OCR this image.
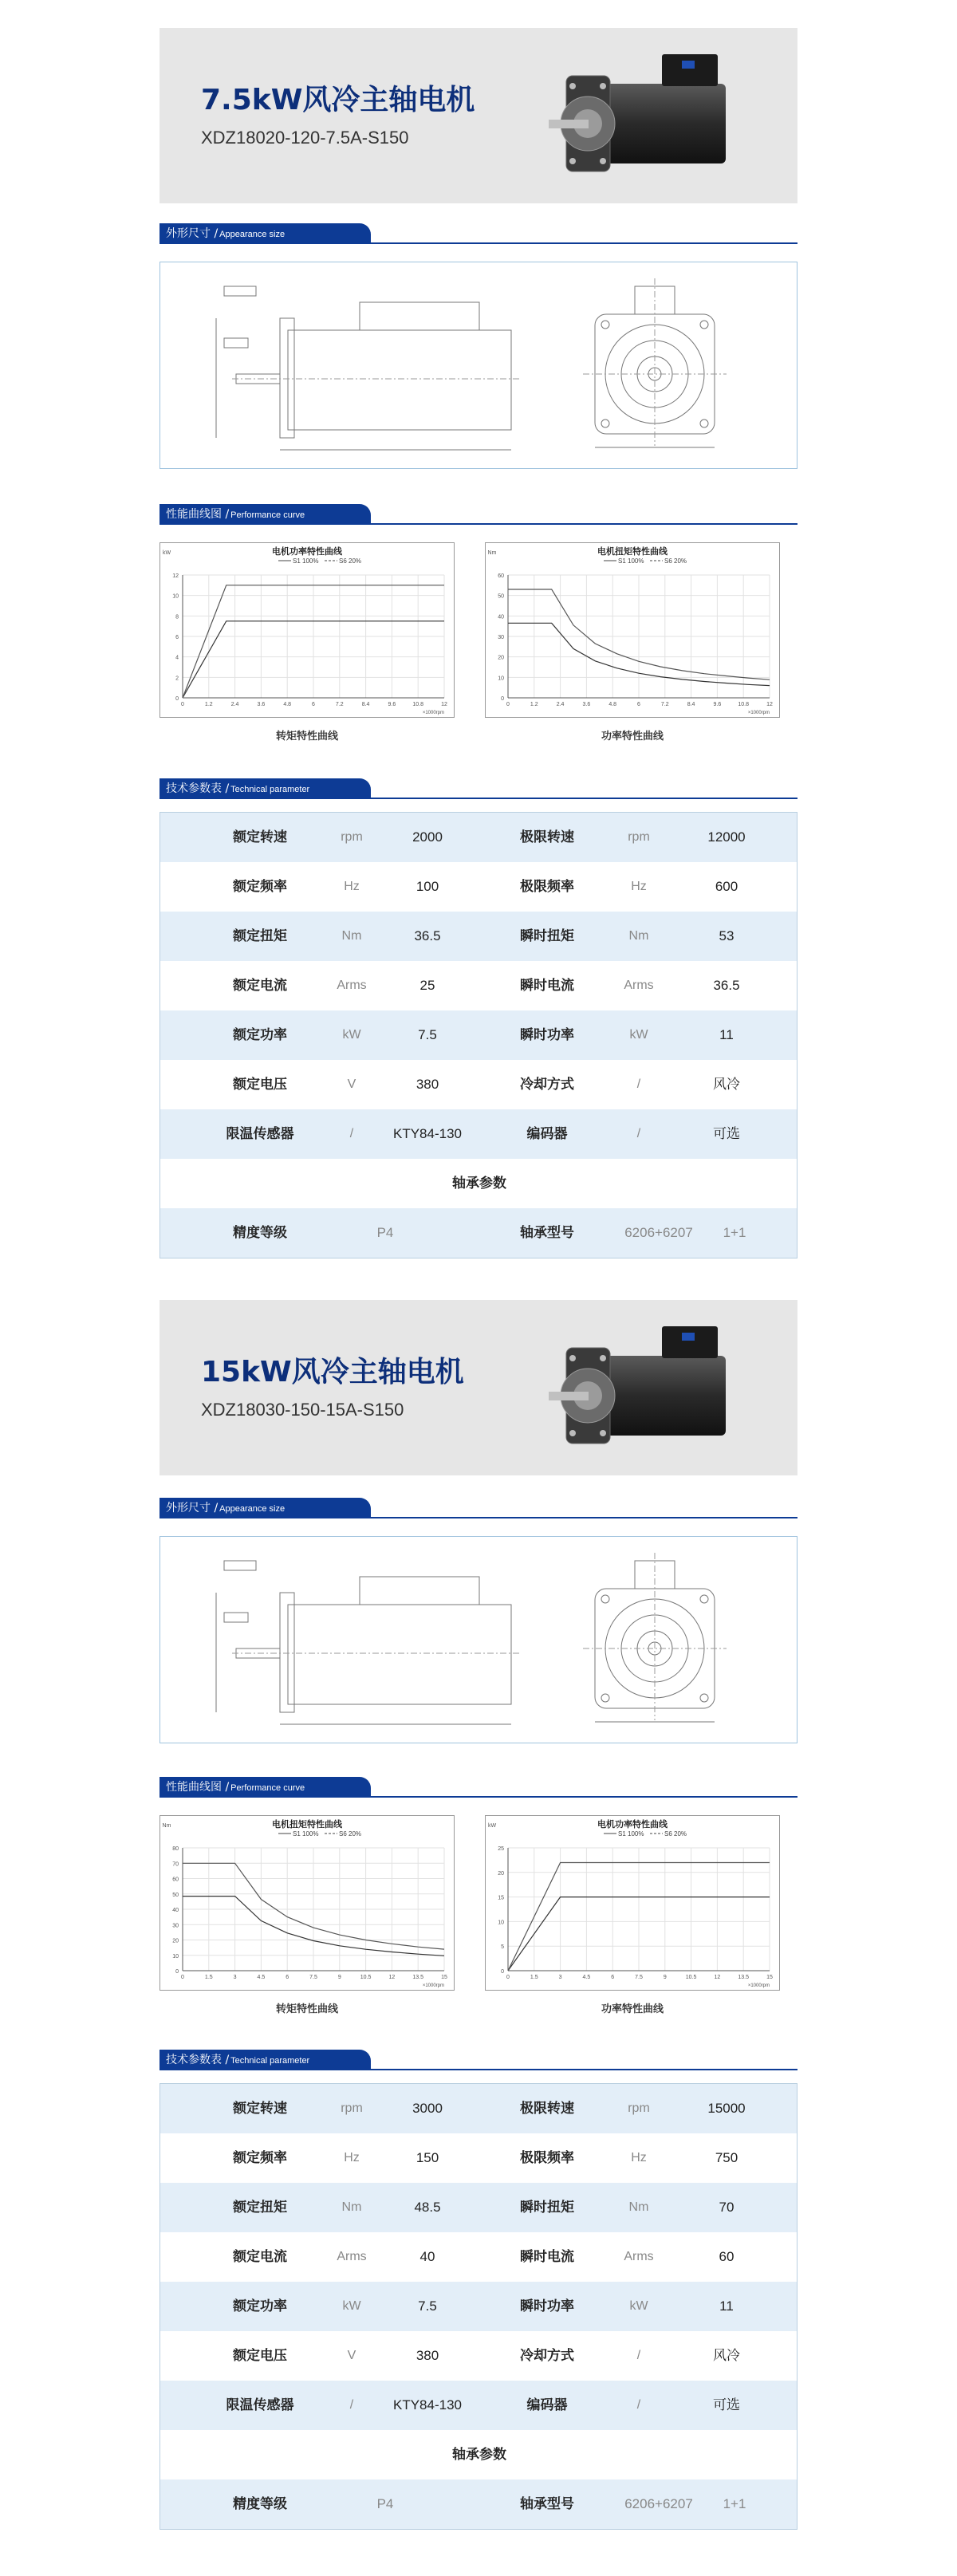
7.5kW风冷主轴电机
XDZ18020-120-7.5A-S150
外形尺寸 / Appearance size
性能曲线图 / Performance curve
电机功率特性曲线
S1 100%	S6 20%
kW
0
2
4
6
8
10
12
0	1.2	2.4	3.6	4.8	6	7.2	8.4	9.6	10.8	12
×1000rpm
转矩特性曲线
电机扭矩特性曲线
S1 100%	S6 20%
Nm
0
10
20
30
40
50
60
0	1.2	2.4	3.6	4.8	6	7.2	8.4	9.6	10.8	12
×1000rpm
功率特性曲线
技术参数表 / Technical parameter
额定转速	rpm	2000	极限转速	rpm	12000
额定频率	Hz	100	极限频率	Hz	600
额定扭矩	Nm	36.5	瞬时扭矩	Nm	53
额定电流	Arms	25	瞬时电流	Arms	36.5
额定功率	kW	7.5	瞬时功率	kW	11
额定电压	V	380	冷却方式	/	风冷
限温传感器	/	KTY84-130	编码器	/	可选
轴承参数
精度等级	P4	轴承型号	6206+6207	1+1
15kW风冷主轴电机
XDZ18030-150-15A-S150
外形尺寸 / Appearance size
性能曲线图 / Performance curve
电机扭矩特性曲线
S1 100%	S6 20%
Nm
0
10
20
30
40
50
60
70
80
0	1.5	3	4.5	6	7.5	9	10.5	12	13.5	15
×1000rpm
转矩特性曲线
电机功率特性曲线
S1 100%	S6 20%
kW
0
5
10
15
20
25
0	1.5	3	4.5	6	7.5	9	10.5	12	13.5	15
×1000rpm
功率特性曲线
技术参数表 / Technical parameter
额定转速	rpm	3000	极限转速	rpm	15000
额定频率	Hz	150	极限频率	Hz	750
额定扭矩	Nm	48.5	瞬时扭矩	Nm	70
额定电流	Arms	40	瞬时电流	Arms	60
额定功率	kW	7.5	瞬时功率	kW	11
额定电压	V	380	冷却方式	/	风冷
限温传感器	/	KTY84-130	编码器	/	可选
轴承参数
精度等级	P4	轴承型号	6206+6207	1+1
